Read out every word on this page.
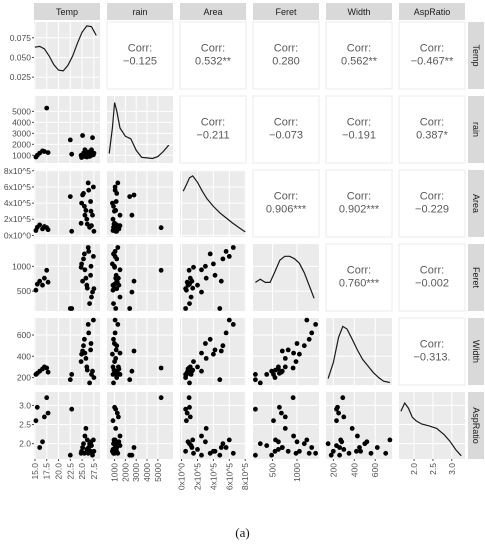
Temp	rain	Area	Feret	Width	AspRatio
Temp
rain
Area
Feret
Width
AspRatio
Corr:
−0.125
Corr:
0.532**
Corr:
0.280
Corr:
0.562**
Corr:
−0.467**
Corr:
−0.211
Corr:
−0.073
Corr:
−0.191
Corr:
0.387*
Corr:
0.906***
Corr:
0.902***
Corr:
−0.229
Corr:
0.760***
Corr:
−0.002
Corr:
−0.313.
0.025
0.050
0.075
1000
2000
3000
4000
5000
0x10^0
2x10^5
4x10^5
6x10^5
8x10^5
500
1000
200
400
600
2.0
2.5
3.0
15.0 17.5 20.0 22.5 25.0 27.5 1000 2000 3000 4000 5000 0x10^0 2x10^5 4x10^5 6x10^5 8x10^5 500 1000	200 400 600	2.0 2.5 3.0
(a)
